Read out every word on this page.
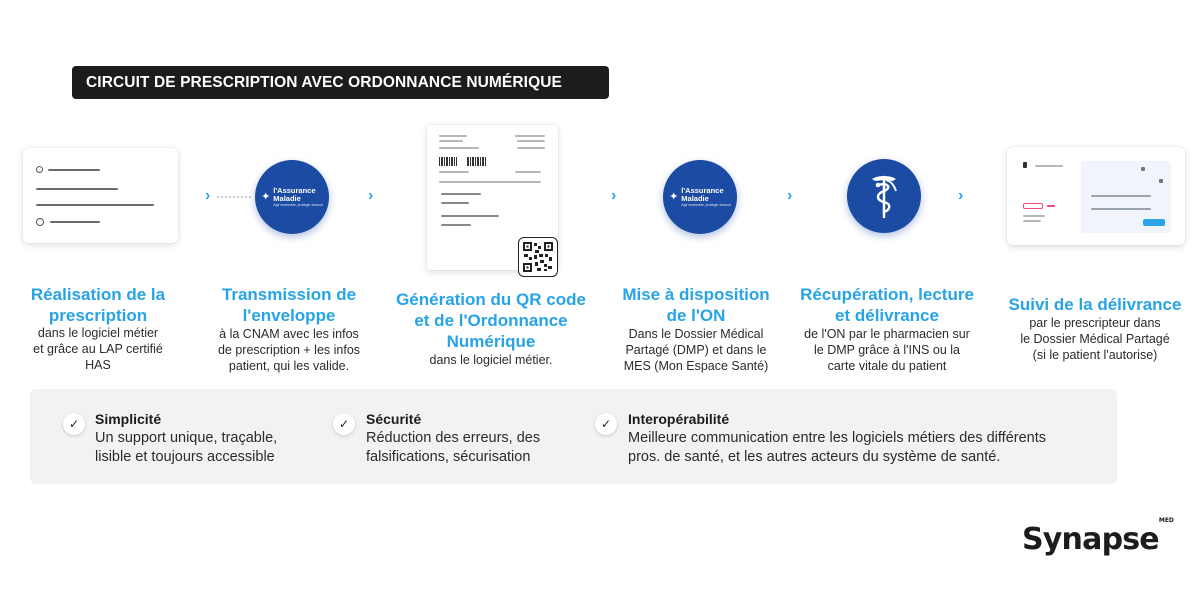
CIRCUIT DE PRESCRIPTION AVEC ORDONNANCE NUMÉRIQUE
›	✦
l'Assurance
Maladie
Agir ensemble, protéger chacun
›	›	✦
l'Assurance
Maladie
Agir ensemble, protéger chacun
›	›
Réalisation de la
prescription
dans le logiciel métier
et grâce au LAP certifié
HAS
Transmission de
l'enveloppe
à la CNAM avec les infos
de prescription + les infos
patient, qui les valide.
Génération du QR code
et de l'Ordonnance
Numérique
dans le logiciel métier.
Mise à disposition
de l'ON
Dans le Dossier Médical
Partagé (DMP) et dans le
MES (Mon Espace Santé)
Récupération, lecture
et délivrance
de l'ON par le pharmacien sur
le DMP grâce à l'INS ou la
carte vitale du patient
Suivi de la délivrance
par le prescripteur dans
le Dossier Médical Partagé
(si le patient l'autorise)
✓	Simplicité
Un support unique, traçable,
lisible et toujours accessible
✓	Sécurité
Réduction des erreurs, des
falsifications, sécurisation
✓	Interopérabilité
Meilleure communication entre les logiciels métiers des différents
pros. de santé, et les autres acteurs du système de santé.
Synapse$^{MED}$
